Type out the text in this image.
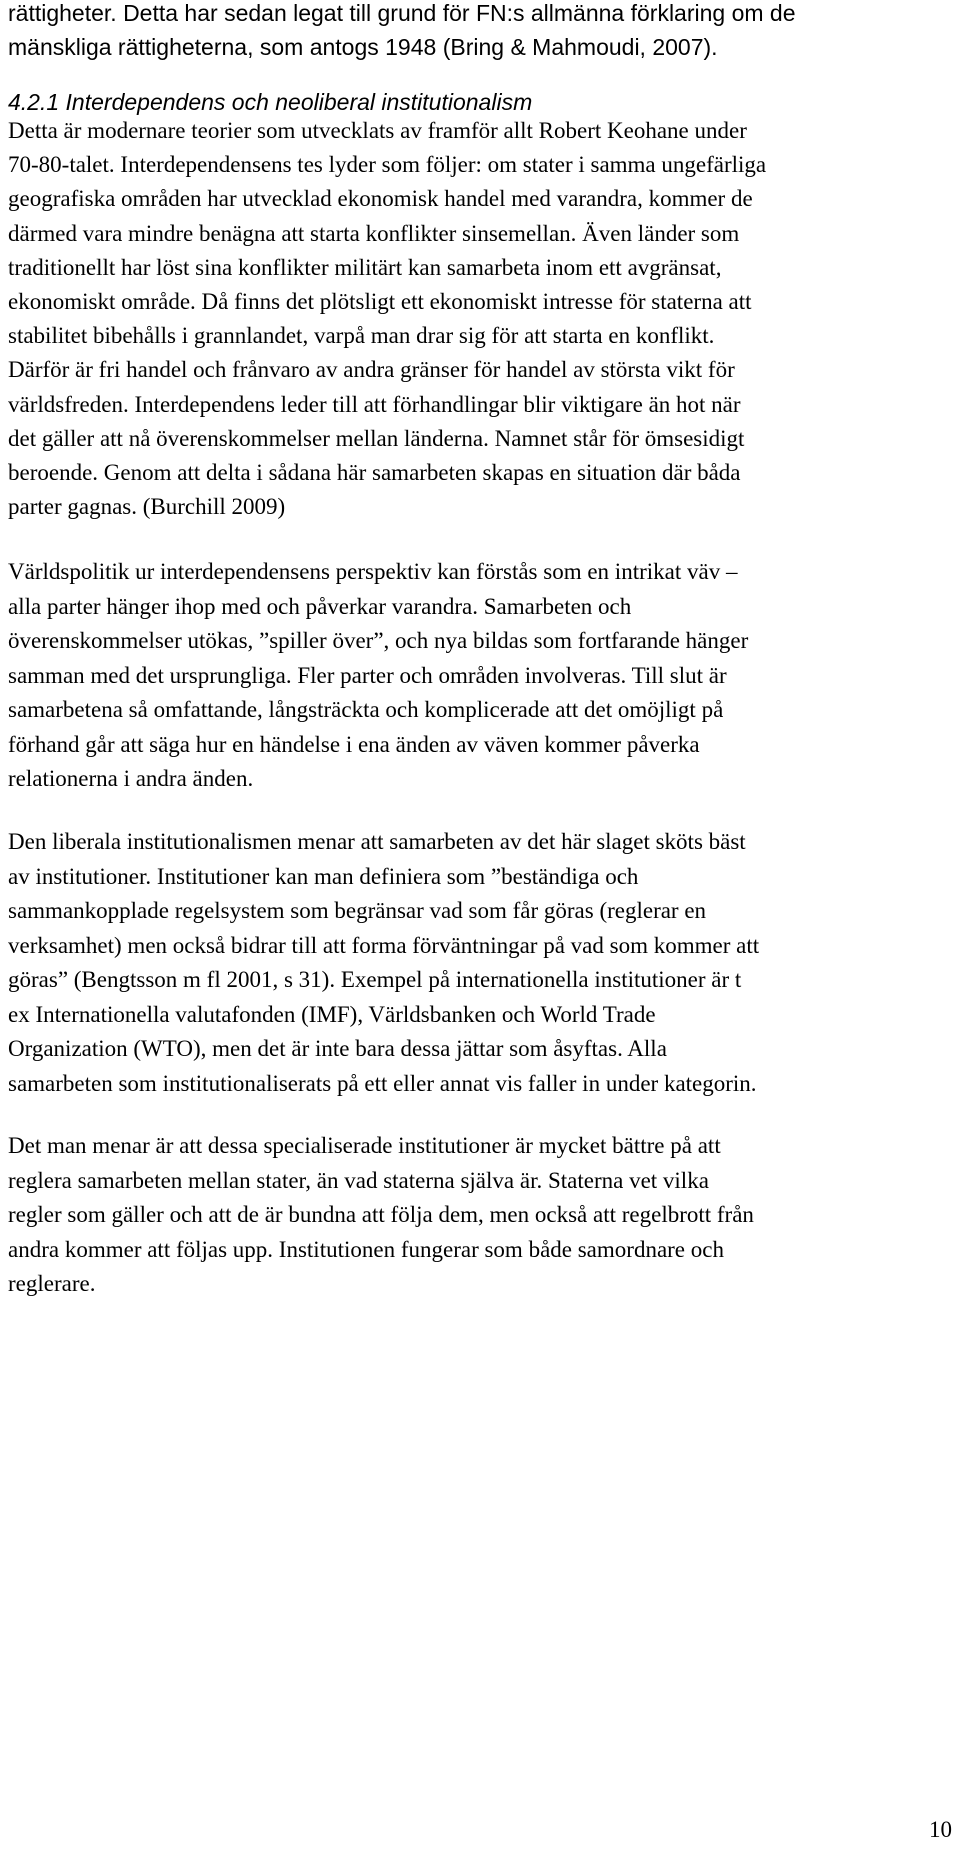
rättigheter. Detta har sedan legat till grund för FN:s allmänna förklaring om de
mänskliga rättigheterna, som antogs 1948 (Bring & Mahmoudi, 2007).
4.2.1 Interdependens och neoliberal institutionalism
Detta är modernare teorier som utvecklats av framför allt Robert Keohane under
70-80-talet. Interdependensens tes lyder som följer: om stater i samma ungefärliga
geografiska områden har utvecklad ekonomisk handel med varandra, kommer de
därmed vara mindre benägna att starta konflikter sinsemellan. Även länder som
traditionellt har löst sina konflikter militärt kan samarbeta inom ett avgränsat,
ekonomiskt område. Då finns det plötsligt ett ekonomiskt intresse för staterna att
stabilitet bibehålls i grannlandet, varpå man drar sig för att starta en konflikt.
Därför är fri handel och frånvaro av andra gränser för handel av största vikt för
världsfreden. Interdependens leder till att förhandlingar blir viktigare än hot när
det gäller att nå överenskommelser mellan länderna. Namnet står för ömsesidigt
beroende. Genom att delta i sådana här samarbeten skapas en situation där båda
parter gagnas. (Burchill 2009)
Världspolitik ur interdependensens perspektiv kan förstås som en intrikat väv –
alla parter hänger ihop med och påverkar varandra. Samarbeten och
överenskommelser utökas, ”spiller över”, och nya bildas som fortfarande hänger
samman med det ursprungliga. Fler parter och områden involveras. Till slut är
samarbetena så omfattande, långsträckta och komplicerade att det omöjligt på
förhand går att säga hur en händelse i ena änden av väven kommer påverka
relationerna i andra änden.
Den liberala institutionalismen menar att samarbeten av det här slaget sköts bäst
av institutioner. Institutioner kan man definiera som ”beständiga och
sammankopplade regelsystem som begränsar vad som får göras (reglerar en
verksamhet) men också bidrar till att forma förväntningar på vad som kommer att
göras” (Bengtsson m fl 2001, s 31). Exempel på internationella institutioner är t
ex Internationella valutafonden (IMF), Världsbanken och World Trade
Organization (WTO), men det är inte bara dessa jättar som åsyftas. Alla
samarbeten som institutionaliserats på ett eller annat vis faller in under kategorin.
Det man menar är att dessa specialiserade institutioner är mycket bättre på att
reglera samarbeten mellan stater, än vad staterna själva är. Staterna vet vilka
regler som gäller och att de är bundna att följa dem, men också att regelbrott från
andra kommer att följas upp. Institutionen fungerar som både samordnare och
reglerare.
10
